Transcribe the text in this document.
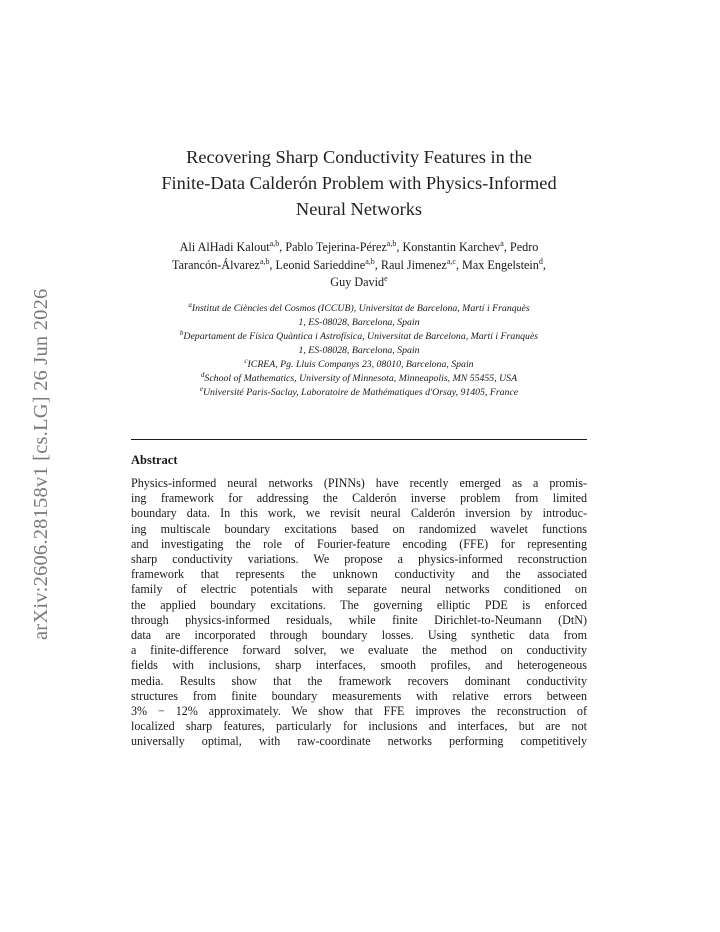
arXiv:2606.28158v1 [cs.LG] 26 Jun 2026
Recovering Sharp Conductivity Features in the
Finite-Data Calderón Problem with Physics-Informed
Neural Networks
Ali AlHadi Kalout$^{a,b}$, Pablo Tejerina-Pérez$^{a,b}$, Konstantin Karchev$^a$, Pedro
Tarancón-Álvarez$^{a,b}$, Leonid Sarieddine$^{a,b}$, Raul Jimenez$^{a,c}$, Max Engelstein$^d$,
Guy David$^e$
$^a$Institut de Ciències del Cosmos (ICCUB), Universitat de Barcelona, Martí i Franquès
1, ES-08028, Barcelona, Spain
$^b$Departament de Física Quàntica i Astrofísica, Universitat de Barcelona, Martí i Franquès
1, ES-08028, Barcelona, Spain
$^c$ICREA, Pg. Lluis Companys 23, 08010, Barcelona, Spain
$^d$School of Mathematics, University of Minnesota, Minneapolis, MN 55455, USA
$^e$Université Paris-Saclay, Laboratoire de Mathématiques d'Orsay, 91405, France
Abstract
Physics-informed neural networks (PINNs) have recently emerged as a promis-
ing framework for addressing the Calderón inverse problem from limited
boundary data. In this work, we revisit neural Calderón inversion by introduc-
ing multiscale boundary excitations based on randomized wavelet functions
and investigating the role of Fourier-feature encoding (FFE) for representing
sharp conductivity variations. We propose a physics-informed reconstruction
framework that represents the unknown conductivity and the associated
family of electric potentials with separate neural networks conditioned on
the applied boundary excitations. The governing elliptic PDE is enforced
through physics-informed residuals, while finite Dirichlet-to-Neumann (DtN)
data are incorporated through boundary losses. Using synthetic data from
a finite-difference forward solver, we evaluate the method on conductivity
fields with inclusions, sharp interfaces, smooth profiles, and heterogeneous
media. Results show that the framework recovers dominant conductivity
structures from finite boundary measurements with relative errors between
3% − 12% approximately. We show that FFE improves the reconstruction of
localized sharp features, particularly for inclusions and interfaces, but are not
universally optimal, with raw-coordinate networks performing competitively
